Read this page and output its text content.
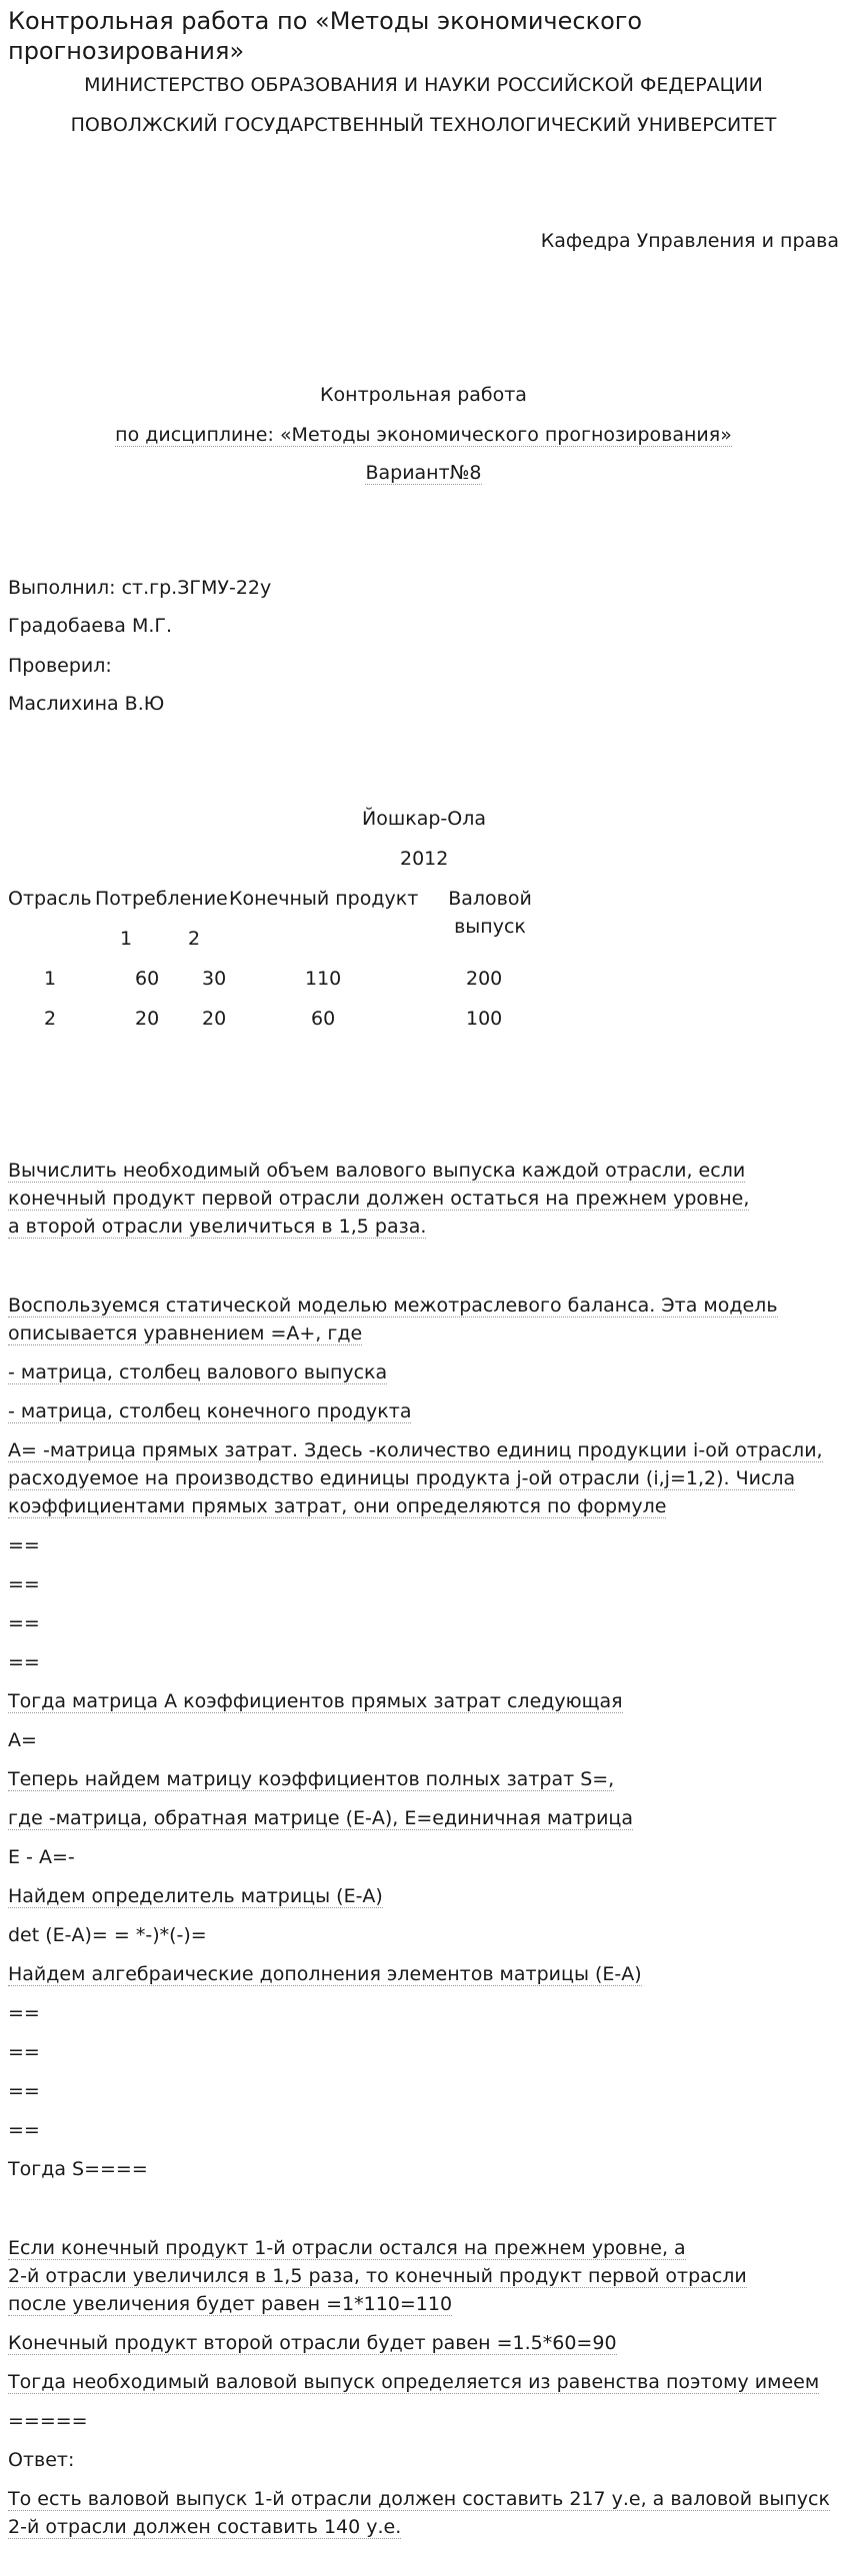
Контрольная работа по «Методы экономического
прогнозирования»
МИНИСТЕРСТВО ОБРАЗОВАНИЯ И НАУКИ РОССИЙСКОЙ ФЕДЕРАЦИИ
ПОВОЛЖСКИЙ ГОСУДАРСТВЕННЫЙ ТЕХНОЛОГИЧЕСКИЙ УНИВЕРСИТЕТ
Кафедра Управления и права
Контрольная работа
по дисциплине: «Методы экономического прогнозирования»
Вариант№8
Выполнил: ст.гр.ЗГМУ-22у
Градобаева М.Г.
Проверил:
Маслихина В.Ю
Йошкар-Ола
2012
Отрасль Потребление Конечный продукт	Валовой
выпуск
1	2
1	60 30	110	200
2	20 20	60	100
Вычислить необходимый объем валового выпуска каждой отрасли, если
конечный продукт первой отрасли должен остаться на прежнем уровне,
а второй отрасли увеличиться в 1,5 раза.
Воспользуемся статической моделью межотраслевого баланса. Эта модель
описывается уравнением =А+, где
- матрица, столбец валового выпуска
- матрица, столбец конечного продукта
А= -матрица прямых затрат. Здесь -количество единиц продукции i-ой отрасли,
расходуемое на производство единицы продукта j-ой отрасли (i,j=1,2). Числа
коэффициентами прямых затрат, они определяются по формуле
==
==
==
==
Тогда матрица А коэффициентов прямых затрат следующая
А=
Теперь найдем матрицу коэффициентов полных затрат S=,
где -матрица, обратная матрице (Е-А), Е=единичная матрица
Е - А=-
Найдем определитель матрицы (Е-А)
det (Е-А)= = *-)*(-)=
Найдем алгебраические дополнения элементов матрицы (Е-А)
==
==
==
==
Тогда S====
Если конечный продукт 1-й отрасли остался на прежнем уровне, а
2-й отрасли увеличился в 1,5 раза, то конечный продукт первой отрасли
после увеличения будет равен =1*110=110
Конечный продукт второй отрасли будет равен =1.5*60=90
Тогда необходимый валовой выпуск определяется из равенства поэтому имеем
=====
Ответ:
То есть валовой выпуск 1-й отрасли должен составить 217 у.е, а валовой выпуск
2-й отрасли должен составить 140 у.е.
